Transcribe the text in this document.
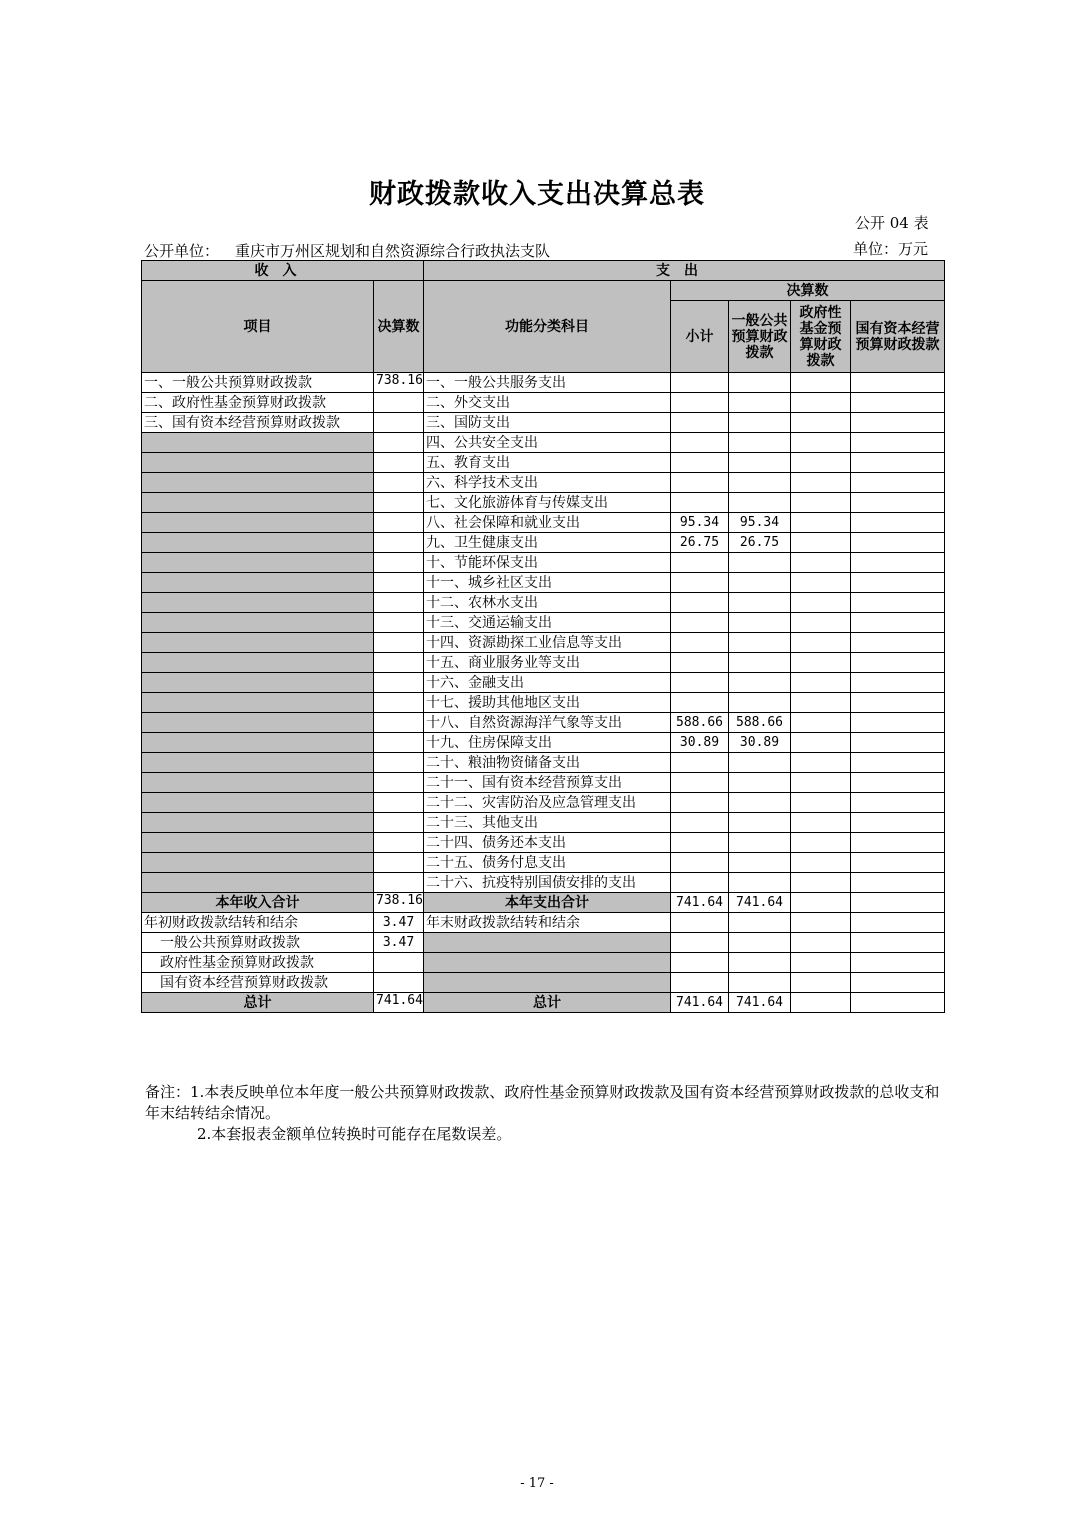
财政拨款收入支出决算总表
公开 04 表
公开单位： 重庆市万州区规划和自然资源综合行政执法支队	单位：万元
收入		支出				
项目	决算数	功能分类科目	决算数			
			小计	一般公共预算财政拨款	政府性基金预算财政拨款	国有资本经营预算财政拨款
一、一般公共预算财政拨款	738.16	一、一般公共服务支出				
二、政府性基金预算财政拨款		二、外交支出				
三、国有资本经营预算财政拨款		三、国防支出				
		四、公共安全支出				
		五、教育支出				
		六、科学技术支出				
		七、文化旅游体育与传媒支出				
		八、社会保障和就业支出	95.34	95.34		
		九、卫生健康支出	26.75	26.75		
		十、节能环保支出				
		十一、城乡社区支出				
		十二、农林水支出				
		十三、交通运输支出				
		十四、资源勘探工业信息等支出				
		十五、商业服务业等支出				
		十六、金融支出				
		十七、援助其他地区支出				
		十八、自然资源海洋气象等支出	588.66	588.66		
		十九、住房保障支出	30.89	30.89		
		二十、粮油物资储备支出				
		二十一、国有资本经营预算支出				
		二十二、灾害防治及应急管理支出				
		二十三、其他支出				
		二十四、债务还本支出				
		二十五、债务付息支出				
		二十六、抗疫特别国债安排的支出				
本年收入合计	738.16	本年支出合计	741.64	741.64		
年初财政拨款结转和结余	3.47	年末财政拨款结转和结余				
一般公共预算财政拨款	3.47					
政府性基金预算财政拨款						
国有资本经营预算财政拨款						
总计	741.64	总计	741.64	741.64		
备注：1.本表反映单位本年度一般公共预算财政拨款、政府性基金预算财政拨款及国有资本经营预算财政拨款的总收支和年末结转结余情况。
2.本套报表金额单位转换时可能存在尾数误差。
- 17 -
